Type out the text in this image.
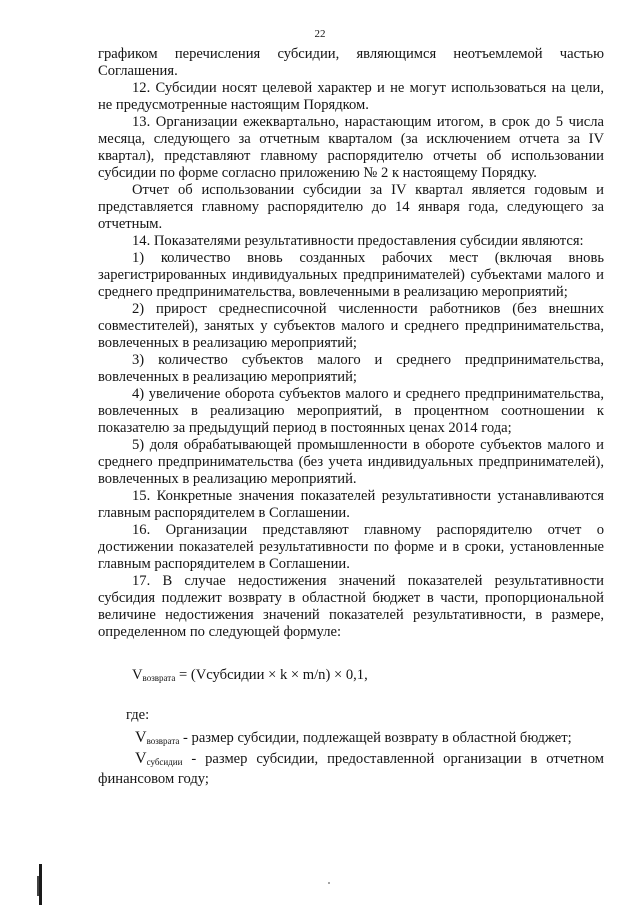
22

графиком перечисления субсидии, являющимся неотъемлемой частью Соглашения.

12. Субсидии носят целевой характер и не могут использоваться на цели, не предусмотренные настоящим Порядком.

13. Организации ежеквартально, нарастающим итогом, в срок до 5 числа месяца, следующего за отчетным кварталом (за исключением отчета за IV квартал), представляют главному распорядителю отчеты об использовании субсидии по форме согласно приложению № 2 к настоящему Порядку.

Отчет об использовании субсидии за IV квартал является годовым и представляется главному распорядителю до 14 января года, следующего за отчетным.

14. Показателями результативности предоставления субсидии являются:

1) количество вновь созданных рабочих мест (включая вновь зарегистрированных индивидуальных предпринимателей) субъектами малого и среднего предпринимательства, вовлеченными в реализацию мероприятий;

2) прирост среднесписочной численности работников (без внешних совместителей), занятых у субъектов малого и среднего предпринимательства, вовлеченных в реализацию мероприятий;

3) количество субъектов малого и среднего предпринимательства, вовлеченных в реализацию мероприятий;

4) увеличение оборота субъектов малого и среднего предпринимательства, вовлеченных в реализацию мероприятий, в процентном соотношении к показателю за предыдущий период в постоянных ценах 2014 года;

5) доля обрабатывающей промышленности в обороте субъектов малого и среднего предпринимательства (без учета индивидуальных предпринимателей), вовлеченных в реализацию мероприятий.

15. Конкретные значения показателей результативности устанавливаются главным распорядителем в Соглашении.

16. Организации представляют главному распорядителю отчет о достижении показателей результативности по форме и в сроки, установленные главным распорядителем в Соглашении.

17. В случае недостижения значений показателей результативности субсидия подлежит возврату в областной бюджет в части, пропорциональной величине недостижения значений показателей результативности, в размере, определенном по следующей формуле:

$V_{возврата}$ = (Vсубсидии × k × m/n) × 0,1,

где:

$V_{возврата}$ - размер субсидии, подлежащей возврату в областной бюджет;

$V_{субсидии}$ - размер субсидии, предоставленной организации в отчетном финансовом году;
